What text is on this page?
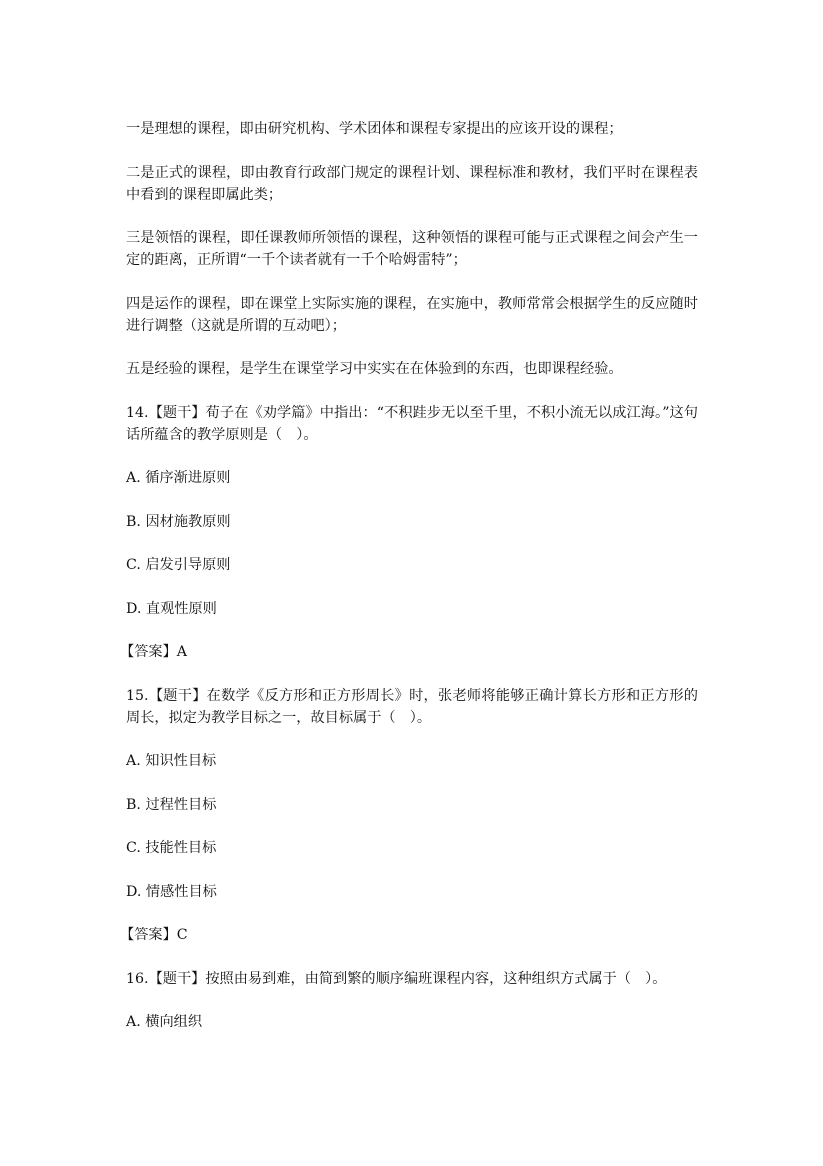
一是理想的课程，即由研究机构、学术团体和课程专家提出的应该开设的课程；

二是正式的课程，即由教育行政部门规定的课程计划、课程标准和教材，我们平时在课程表中看到的课程即属此类；

三是领悟的课程，即任课教师所领悟的课程，这种领悟的课程可能与正式课程之间会产生一定的距离，正所谓“一千个读者就有一千个哈姆雷特”；

四是运作的课程，即在课堂上实际实施的课程，在实施中，教师常常会根据学生的反应随时进行调整（这就是所谓的互动吧）；

五是经验的课程，是学生在课堂学习中实实在在体验到的东西，也即课程经验。

14.【题干】荀子在《劝学篇》中指出：“不积跬步无以至千里，不积小流无以成江海。”这句话所蕴含的教学原则是（　）。

A. 循序渐进原则

B. 因材施教原则

C. 启发引导原则

D. 直观性原则

【答案】A

15.【题干】在数学《反方形和正方形周长》时，张老师将能够正确计算长方形和正方形的周长，拟定为教学目标之一，故目标属于（　）。

A. 知识性目标

B. 过程性目标

C. 技能性目标

D. 情感性目标

【答案】C

16.【题干】按照由易到难，由简到繁的顺序编班课程内容，这种组织方式属于（　）。

A. 横向组织
